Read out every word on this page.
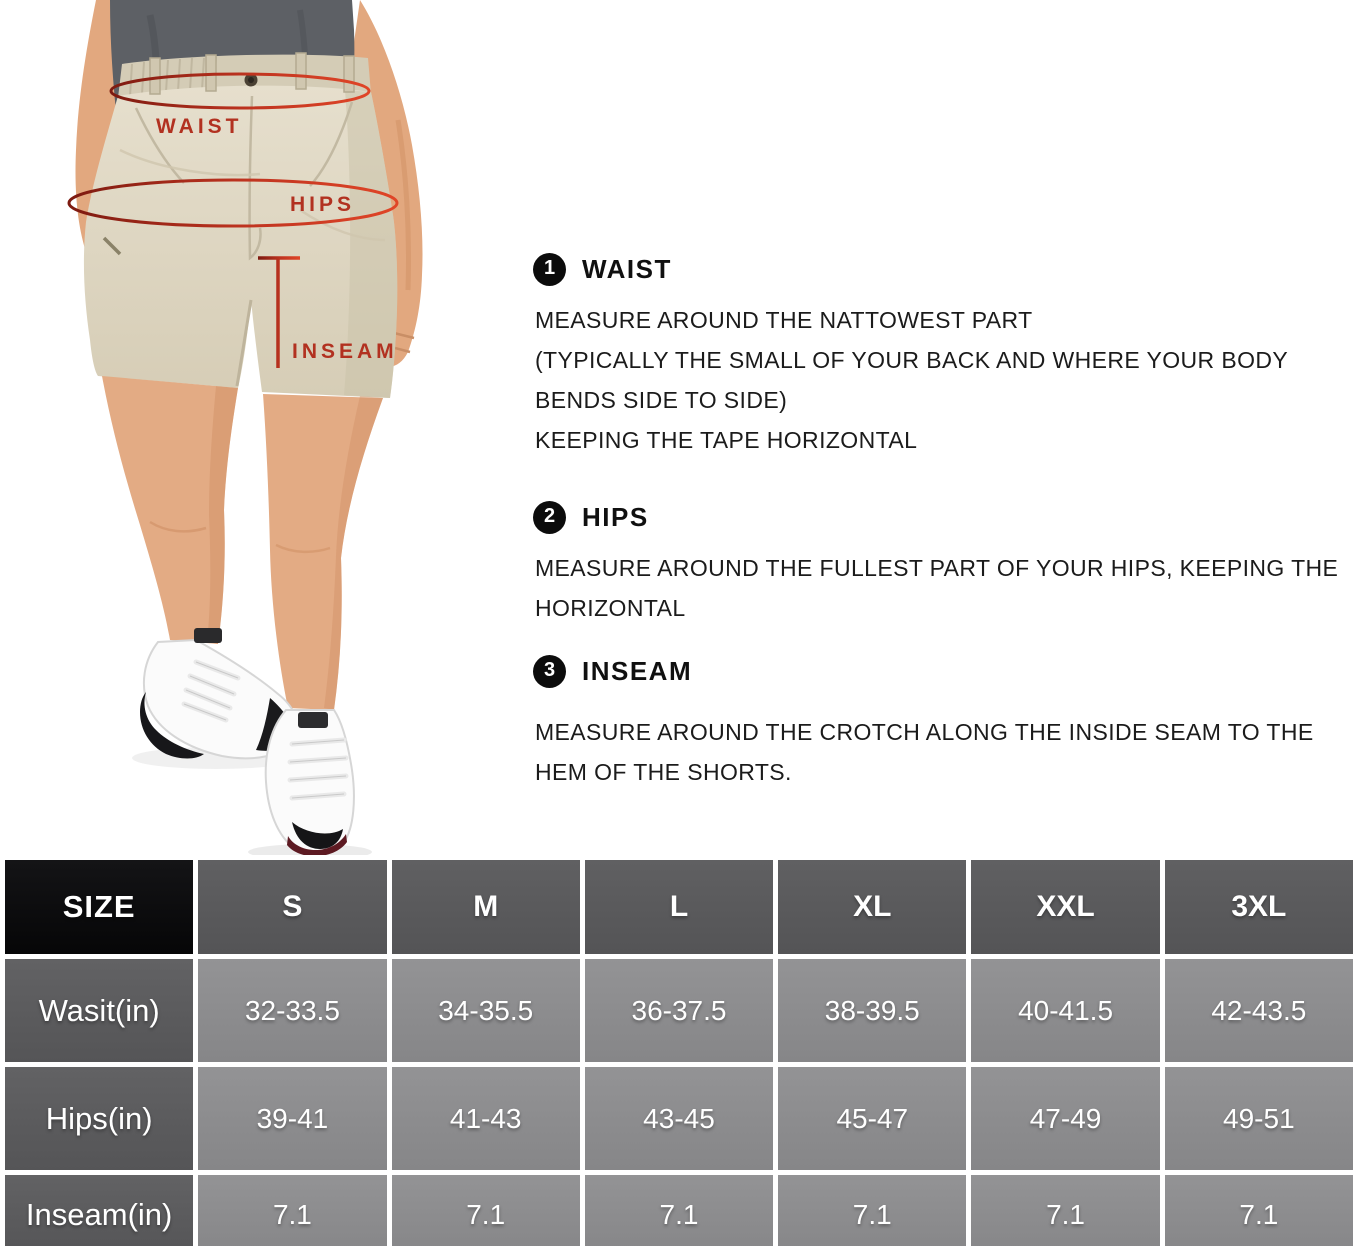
WAIST
HIPS
INSEAM
1	WAIST
MEASURE AROUND THE NATTOWEST PART
(TYPICALLY THE SMALL OF YOUR BACK AND WHERE YOUR BODY
BENDS SIDE TO SIDE)
KEEPING THE TAPE HORIZONTAL
2	HIPS
MEASURE AROUND THE FULLEST PART OF YOUR HIPS, KEEPING THE
HORIZONTAL
3	INSEAM
MEASURE AROUND THE CROTCH ALONG THE INSIDE SEAM TO THE
HEM OF THE SHORTS.
SIZE	S	M	L	XL	XXL	3XL
Wasit(in)	32-33.5	34-35.5	36-37.5	38-39.5	40-41.5	42-43.5
Hips(in)	39-41	41-43	43-45	45-47	47-49	49-51
Inseam(in)	7.1	7.1	7.1	7.1	7.1	7.1
